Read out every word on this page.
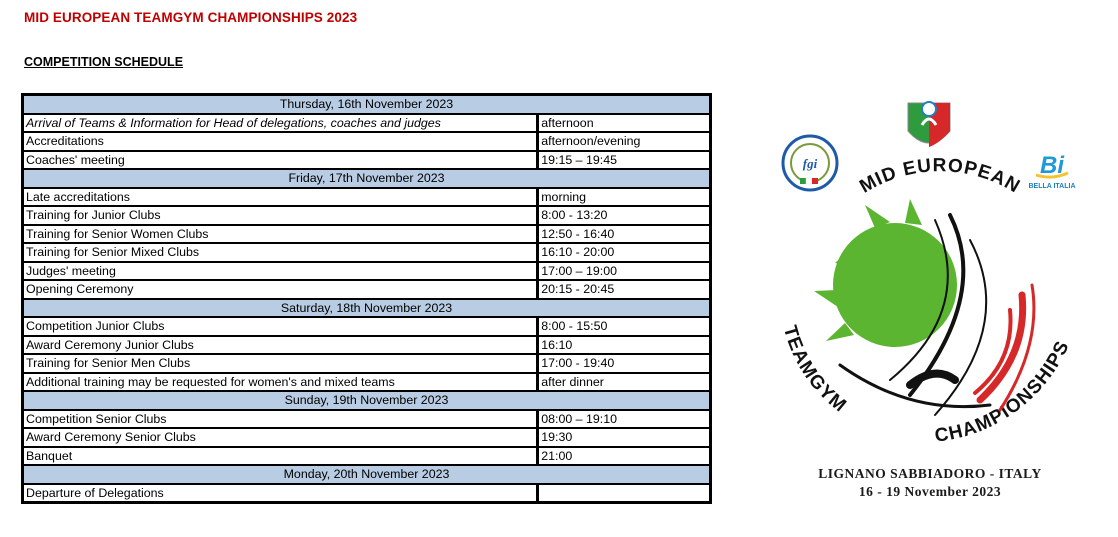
MID EUROPEAN TEAMGYM CHAMPIONSHIPS 2023
COMPETITION SCHEDULE
Thursday, 16th November 2023	
Arrival of Teams & Information for Head of delegations, coaches and judges	afternoon
Accreditations	afternoon/evening
Coaches' meeting	19:15 – 19:45
Friday, 17th November 2023	
Late accreditations	morning
Training for Junior Clubs	8:00 - 13:20
Training for Senior Women Clubs	12:50 - 16:40
Training for Senior Mixed Clubs	16:10 - 20:00
Judges' meeting	17:00 – 19:00
Opening Ceremony	20:15 - 20:45
Saturday, 18th November 2023	
Competition Junior Clubs	8:00 - 15:50
Award Ceremony Junior Clubs	16:10
Training for Senior Men Clubs	17:00 - 19:40
Additional training may be requested for women's and mixed teams	after dinner
Sunday, 19th November 2023	
Competition Senior Clubs	08:00 – 19:10
Award Ceremony Senior Clubs	19:30
Banquet	21:00
Monday, 20th November 2023	
Departure of Delegations	
fgi	Bi
BELLA ITALIA
MID EUROPEAN
TEAMGYM
CHAMPIONSHIPS
LIGNANO SABBIADORO - ITALY
16 - 19 November 2023
